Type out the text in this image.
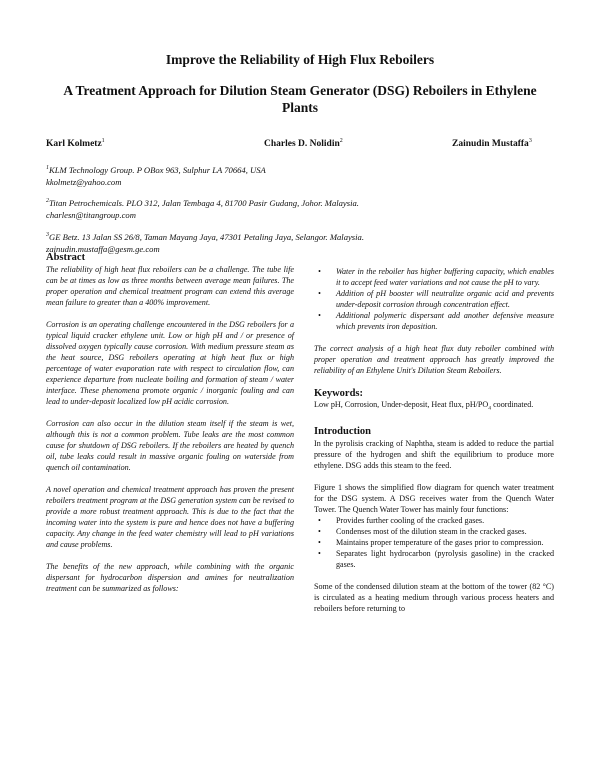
Improve the Reliability of High Flux Reboilers
A Treatment Approach for Dilution Steam Generator (DSG) Reboilers in Ethylene Plants
Karl Kolmetz$^1$	Charles D. Nolidin$^2$	Zainudin Mustaffa$^3$
$^1$KLM Technology Group. P OBox 963, Sulphur LA 70664, USA
kkolmetz@yahoo.com
$^2$Titan Petrochemicals. PLO 312, Jalan Tembaga 4, 81700 Pasir Gudang, Johor. Malaysia.
charlesn@titangroup.com
$^3$GE Betz. 13 Jalan SS 26/8, Taman Mayang Jaya, 47301 Petaling Jaya, Selangor. Malaysia.
zainudin.mustaffa@gesm.ge.com
Abstract

The reliability of high heat flux reboilers can be a challenge. The tube life can be at times as low as three months between average mean failures. The proper operation and chemical treatment program can extend this average mean failure to greater than a 400% improvement.

Corrosion is an operating challenge encountered in the DSG reboilers for a typical liquid cracker ethylene unit. Low or high pH and / or presence of dissolved oxygen typically cause corrosion. With medium pressure steam as the heat source, DSG reboilers operating at high heat flux or high percentage of water evaporation rate with respect to circulation flow, can experience departure from nucleate boiling and formation of steam / water interface. These phenomena promote organic / inorganic fouling and can lead to under-deposit localized low pH acidic corrosion.

Corrosion can also occur in the dilution steam itself if the steam is wet, although this is not a common problem. Tube leaks are the most common cause for shutdown of DSG reboilers. If the reboilers are heated by quench oil, tube leaks could result in massive organic fouling on waterside from quench oil contamination.

A novel operation and chemical treatment approach has proven the present reboilers treatment program at the DSG generation system can be revised to provide a more robust treatment approach. This is due to the fact that the incoming water into the system is pure and hence does not have a buffering capacity. Any change in the feed water chemistry will lead to pH variations and cause problems.

The benefits of the new approach, while combining with the organic dispersant for hydrocarbon dispersion and amines for neutralization treatment can be summarized as follows:

• Water in the reboiler has higher buffering capacity, which enables it to accept feed water variations and not cause the pH to vary.
• Addition of pH booster will neutralize organic acid and prevents under-deposit corrosion through concentration effect.
• Additional polymeric dispersant add another defensive measure which prevents iron deposition.

The correct analysis of a high heat flux duty reboiler combined with proper operation and treatment approach has greatly improved the reliability of an Ethylene Unit's Dilution Steam Reboilers.

Keywords:

Low pH, Corrosion, Under-deposit, Heat flux, $pH/PO_4$ coordinated.

Introduction

In the pyrolisis cracking of Naphtha, steam is added to reduce the partial pressure of the hydrogen and shift the equilibrium to produce more ethylene. DSG adds this steam to the feed.

Figure 1 shows the simplified flow diagram for quench water treatment for the DSG system. A DSG receives water from the Quench Water Tower. The Quench Water Tower has mainly four functions:

• Provides further cooling of the cracked gases.
• Condenses most of the dilution steam in the cracked gases.
• Maintains proper temperature of the gases prior to compression.
• Separates light hydrocarbon (pyrolysis gasoline) in the cracked gases.

Some of the condensed dilution steam at the bottom of the tower (82 °C) is circulated as a heating medium through various process heaters and reboilers before returning to
